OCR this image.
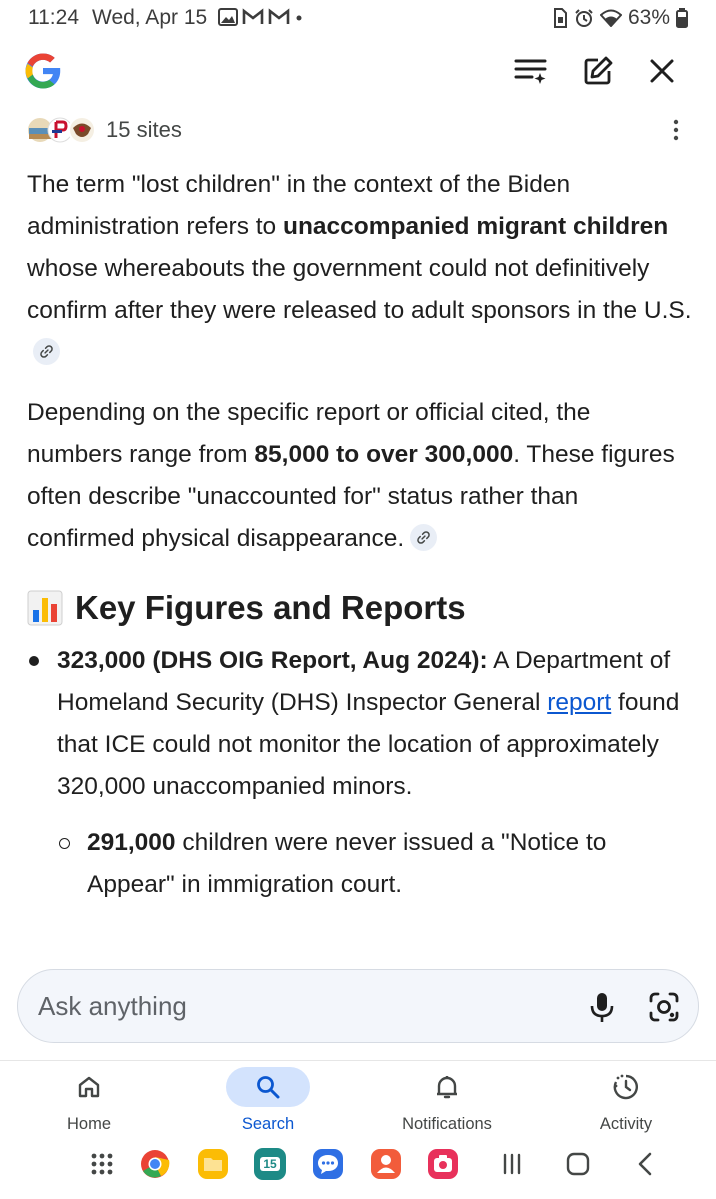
11:24 Wed, Apr 15	63%
15 sites

The term "lost children" in the context of the Biden administration refers to unaccompanied migrant children whose whereabouts the government could not definitively confirm after they were released to adult sponsors in the U.S.

Depending on the specific report or official cited, the numbers range from 85,000 to over 300,000. These figures often describe "unaccounted for" status rather than confirmed physical disappearance.

Key Figures and Reports
323,000 (DHS OIG Report, Aug 2024): A Department of Homeland Security (DHS) Inspector General report found that ICE could not monitor the location of approximately 320,000 unaccompanied minors.
291,000 children were never issued a "Notice to Appear" in immigration court.
Ask anything
Home	Search	Notifications	Activity
15
